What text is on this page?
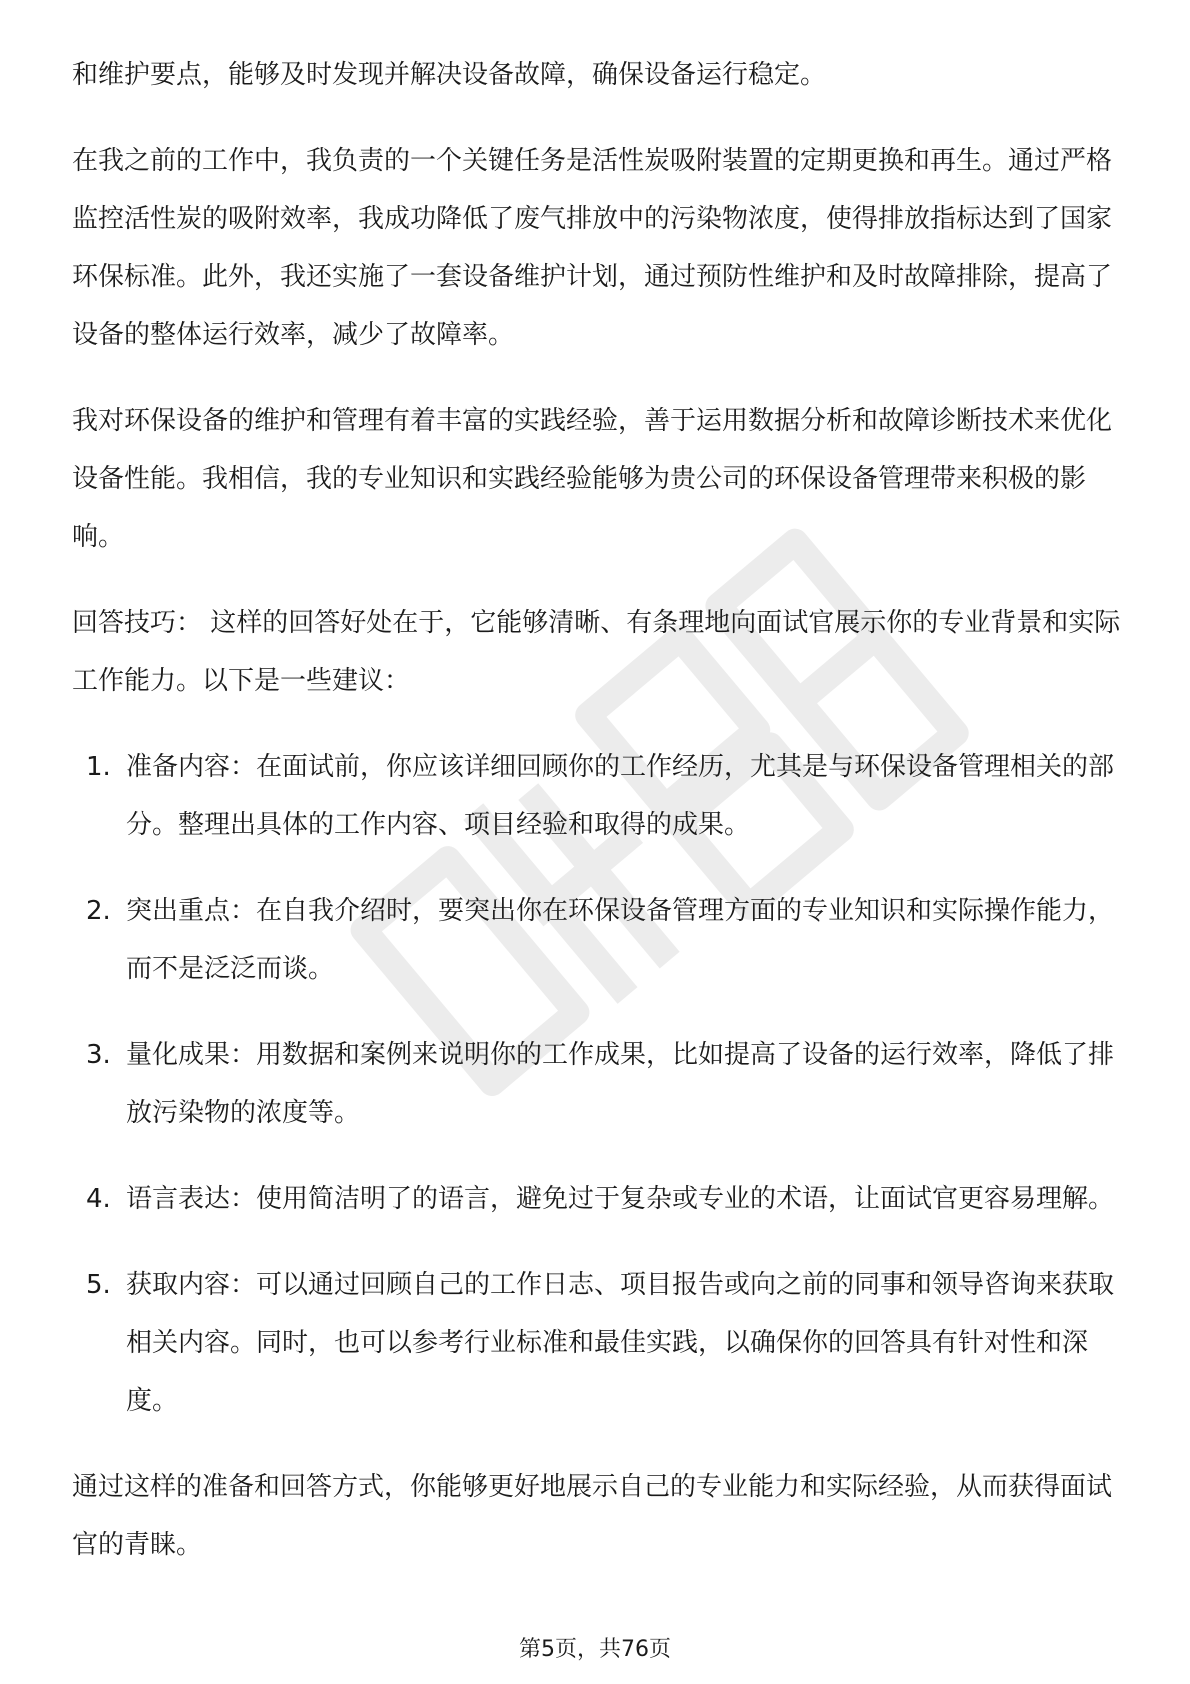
和维护要点，能够及时发现并解决设备故障，确保设备运行稳定。

在我之前的工作中，我负责的一个关键任务是活性炭吸附装置的定期更换和再生。通过严格监控活性炭的吸附效率，我成功降低了废气排放中的污染物浓度，使得排放指标达到了国家环保标准。此外，我还实施了一套设备维护计划，通过预防性维护和及时故障排除，提高了设备的整体运行效率，减少了故障率。

我对环保设备的维护和管理有着丰富的实践经验，善于运用数据分析和故障诊断技术来优化设备性能。我相信，我的专业知识和实践经验能够为贵公司的环保设备管理带来积极的影响。

回答技巧： 这样的回答好处在于，它能够清晰、有条理地向面试官展示你的专业背景和实际工作能力。以下是一些建议：

1. 准备内容：在面试前，你应该详细回顾你的工作经历，尤其是与环保设备管理相关的部分。整理出具体的工作内容、项目经验和取得的成果。
2. 突出重点：在自我介绍时，要突出你在环保设备管理方面的专业知识和实际操作能力，而不是泛泛而谈。
3. 量化成果：用数据和案例来说明你的工作成果，比如提高了设备的运行效率，降低了排放污染物的浓度等。
4. 语言表达：使用简洁明了的语言，避免过于复杂或专业的术语，让面试官更容易理解。
5. 获取内容：可以通过回顾自己的工作日志、项目报告或向之前的同事和领导咨询来获取相关内容。同时，也可以参考行业标准和最佳实践，以确保你的回答具有针对性和深度。

通过这样的准备和回答方式，你能够更好地展示自己的专业能力和实际经验，从而获得面试官的青睐。

第5页，共76页
